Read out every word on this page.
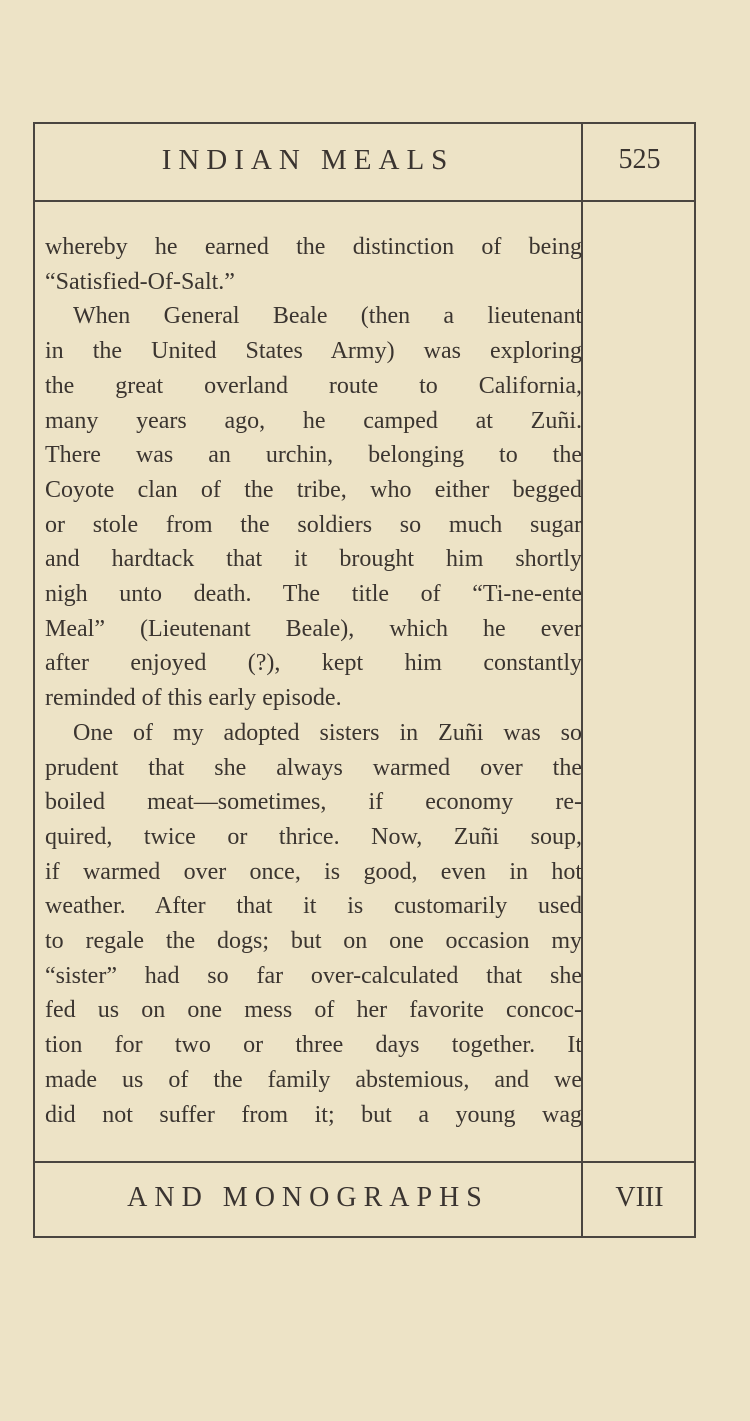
INDIAN MEALS	525
whereby he earned the distinction of being
“Satisfied-Of-Salt.”
When General Beale (then a lieutenant
in the United States Army) was exploring
the great overland route to California,
many years ago, he camped at Zuñi.
There was an urchin, belonging to the
Coyote clan of the tribe, who either begged
or stole from the soldiers so much sugar
and hardtack that it brought him shortly
nigh unto death. The title of “Ti-ne-ente
Meal” (Lieutenant Beale), which he ever
after enjoyed (?), kept him constantly
reminded of this early episode.
One of my adopted sisters in Zuñi was so
prudent that she always warmed over the
boiled meat—sometimes, if economy re-
quired, twice or thrice. Now, Zuñi soup,
if warmed over once, is good, even in hot
weather. After that it is customarily used
to regale the dogs; but on one occasion my
“sister” had so far over-calculated that she
fed us on one mess of her favorite concoc-
tion for two or three days together. It
made us of the family abstemious, and we
did not suffer from it; but a young wag
AND MONOGRAPHS	VIII
